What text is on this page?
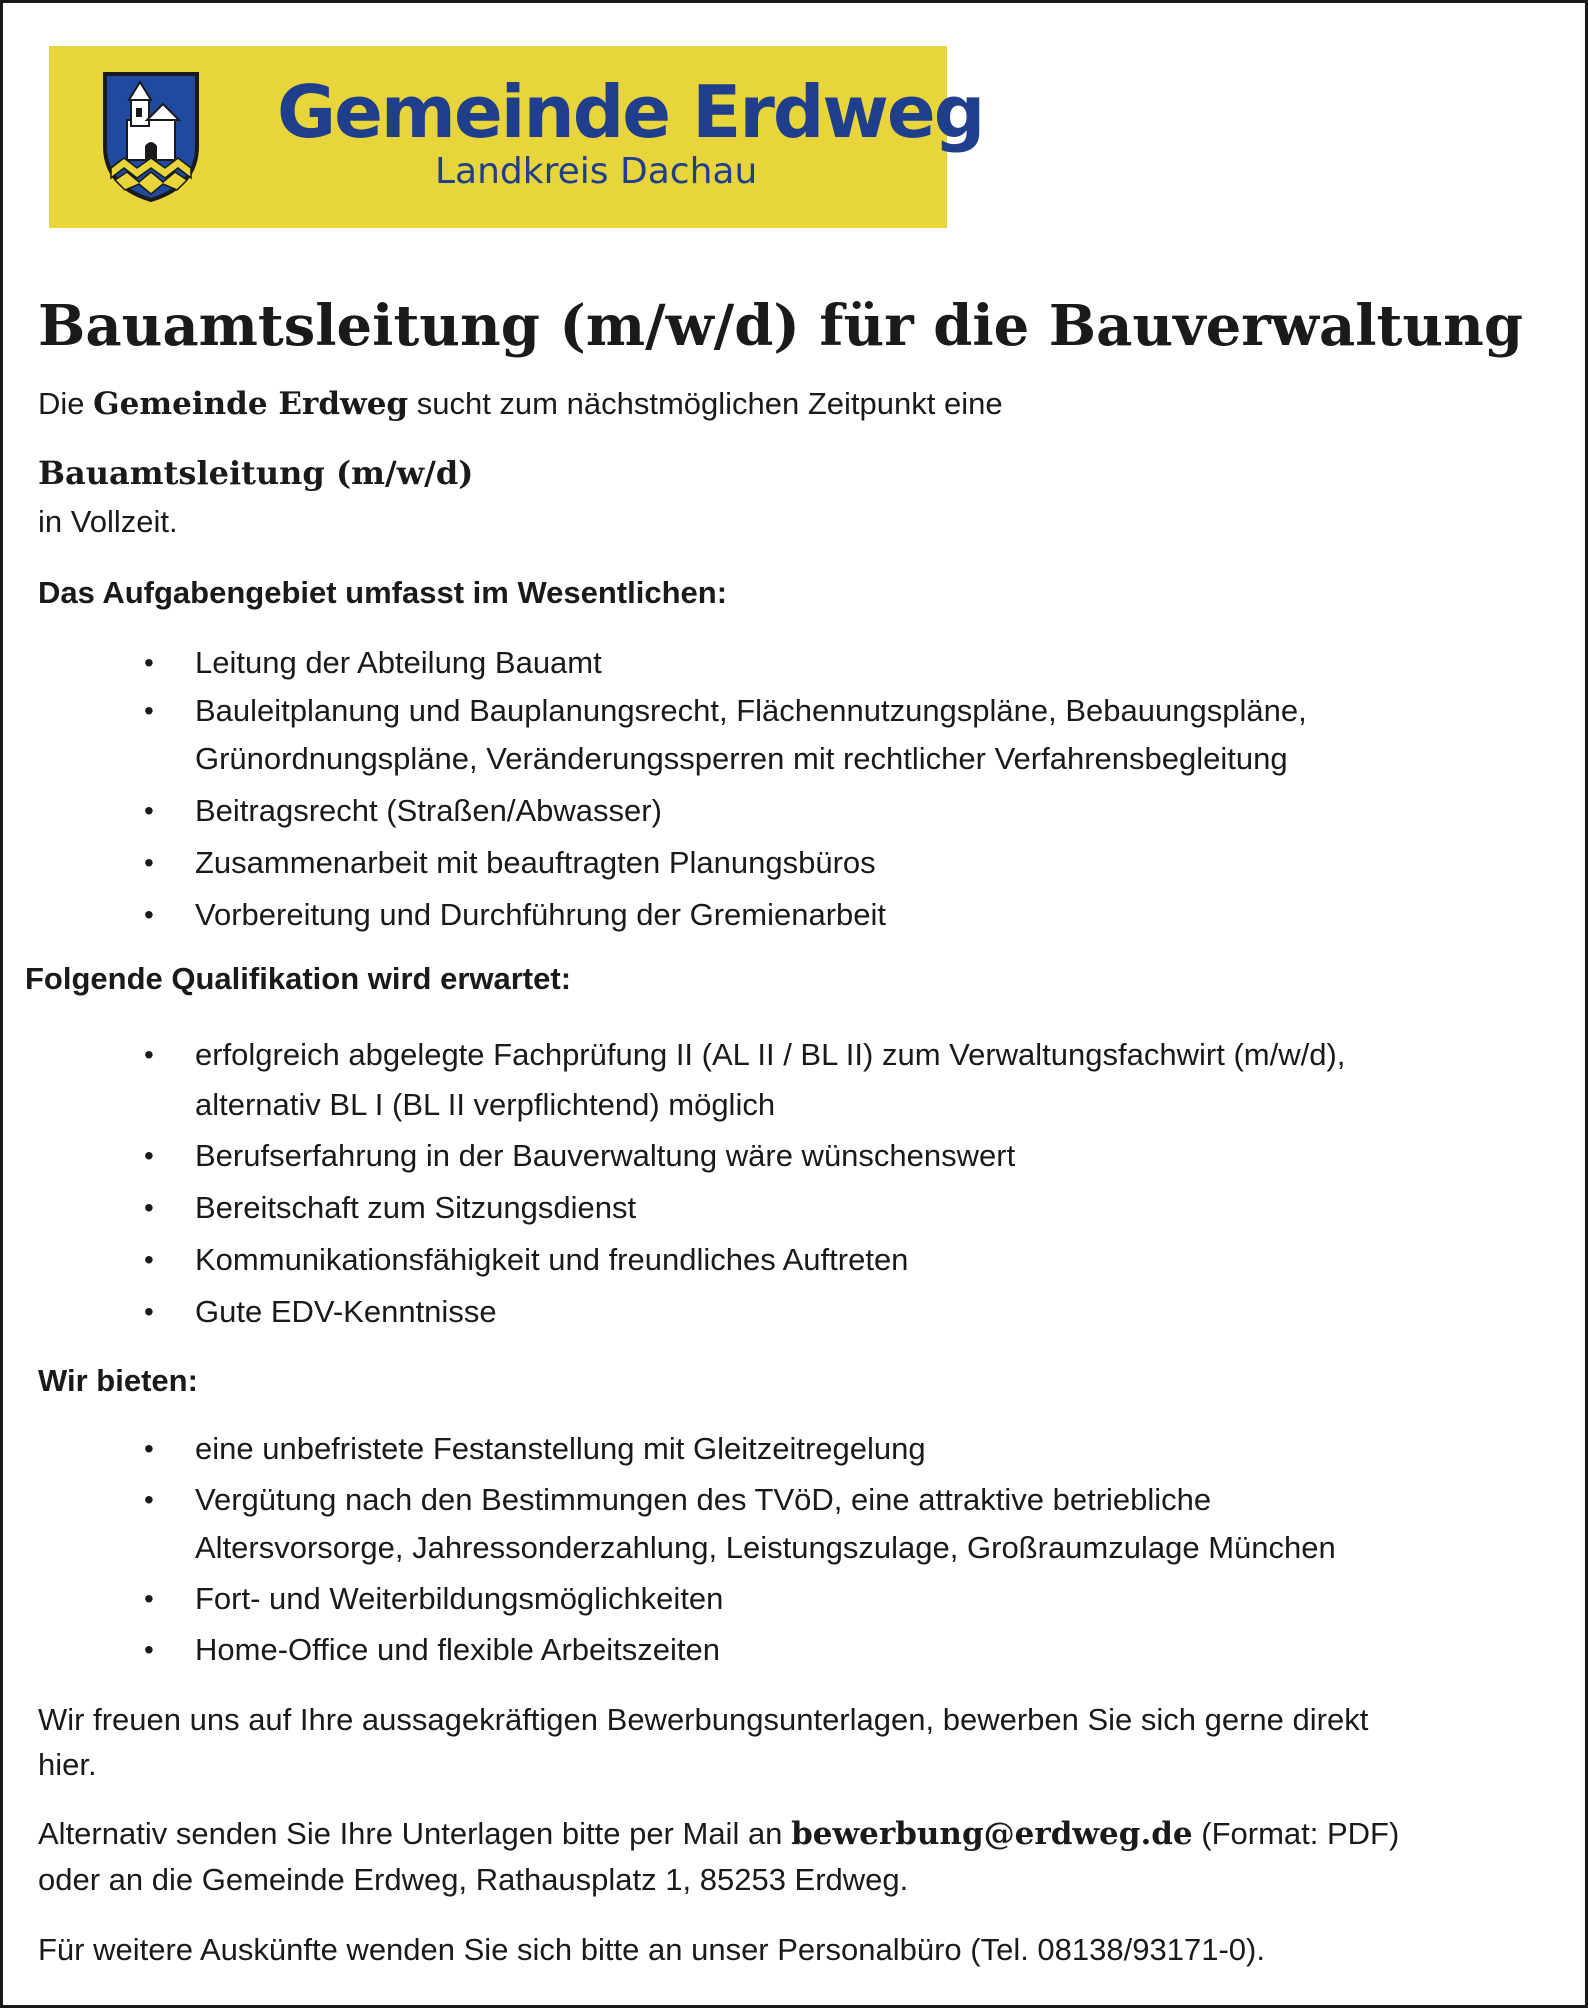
Gemeinde Erdweg
Landkreis Dachau
Bauamtsleitung (m/w/d) für die Bauverwaltung

Die Gemeinde Erdweg sucht zum nächstmöglichen Zeitpunkt eine

Bauamtsleitung (m/w/d)

in Vollzeit.

Das Aufgabengebiet umfasst im Wesentlichen:
• Leitung der Abteilung Bauamt
• Bauleitplanung und Bauplanungsrecht, Flächennutzungspläne, Bebauungspläne,
Grünordnungspläne, Veränderungssperren mit rechtlicher Verfahrensbegleitung
• Beitragsrecht (Straßen/Abwasser)
• Zusammenarbeit mit beauftragten Planungsbüros
• Vorbereitung und Durchführung der Gremienarbeit
Folgende Qualifikation wird erwartet:
• erfolgreich abgelegte Fachprüfung II (AL II / BL II) zum Verwaltungsfachwirt (m/w/d),
alternativ BL I (BL II verpflichtend) möglich
• Berufserfahrung in der Bauverwaltung wäre wünschenswert
• Bereitschaft zum Sitzungsdienst
• Kommunikationsfähigkeit und freundliches Auftreten
• Gute EDV-Kenntnisse
Wir bieten:
• eine unbefristete Festanstellung mit Gleitzeitregelung
• Vergütung nach den Bestimmungen des TVöD, eine attraktive betriebliche
Altersvorsorge, Jahressonderzahlung, Leistungszulage, Großraumzulage München
• Fort- und Weiterbildungsmöglichkeiten
• Home-Office und flexible Arbeitszeiten

Wir freuen uns auf Ihre aussagekräftigen Bewerbungsunterlagen, bewerben Sie sich gerne direkt
hier.

Alternativ senden Sie Ihre Unterlagen bitte per Mail an bewerbung@erdweg.de (Format: PDF)
oder an die Gemeinde Erdweg, Rathausplatz 1, 85253 Erdweg.

Für weitere Auskünfte wenden Sie sich bitte an unser Personalbüro (Tel. 08138/93171-0).
